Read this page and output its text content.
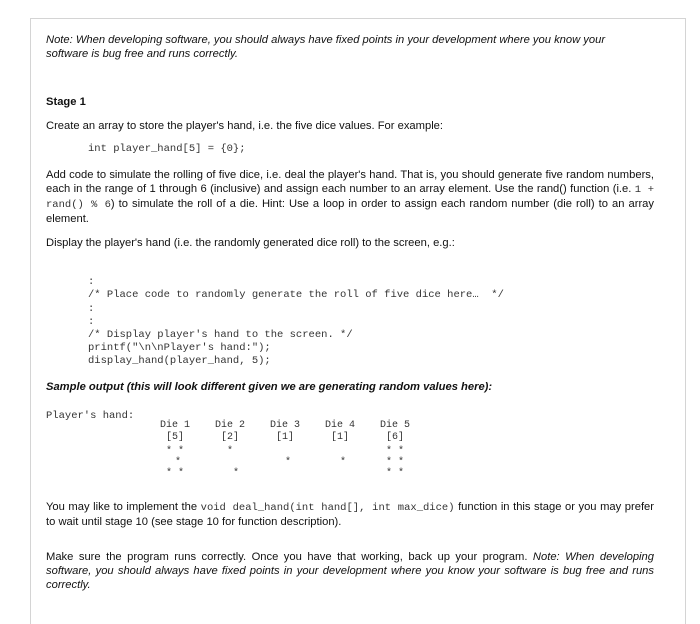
Note: When developing software, you should always have fixed points in your development where you know your software is bug free and runs correctly.

Stage 1

Create an array to store the player's hand, i.e. the five dice values. For example:

int player_hand[5] = {0};

Add code to simulate the rolling of five dice, i.e. deal the player's hand. That is, you should generate five random numbers, each in the range of 1 through 6 (inclusive) and assign each number to an array element. Use the rand() function (i.e. 1 + rand() % 6) to simulate the roll of a die. Hint: Use a loop in order to assign each random number (die roll) to an array element.

Display the player's hand (i.e. the randomly generated dice roll) to the screen, e.g.:

:
/* Place code to randomly generate the roll of five dice here…  */
:
:
/* Display player's hand to the screen. */
printf("\n\nPlayer's hand:");
display_hand(player_hand, 5);

Sample output (this will look different given we are generating random values here):

Player's hand:
Die 1
[5]
* *
*
* *
Die 2
[2]
*

*
Die 3
[1]

*

Die 4
[1]

*

Die 5
[6]
* *
* *
* *

You may like to implement the void deal_hand(int hand[], int max_dice) function in this stage or you may prefer to wait until stage 10 (see stage 10 for function description).

Make sure the program runs correctly. Once you have that working, back up your program. Note: When developing software, you should always have fixed points in your development where you know your software is bug free and runs correctly.
